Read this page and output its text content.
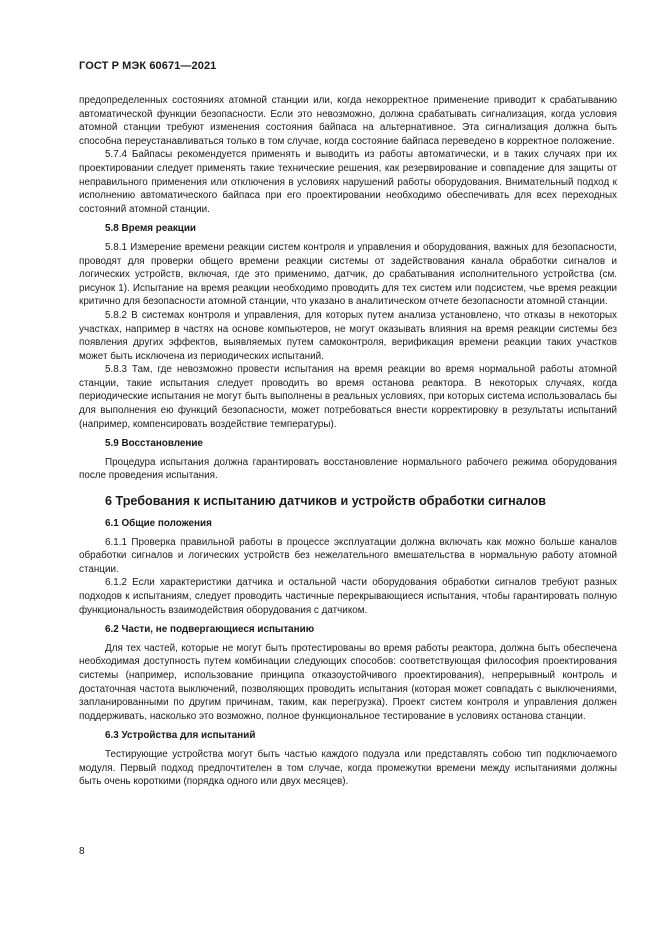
ГОСТ Р МЭК 60671—2021

предопределенных состояниях атомной станции или, когда некорректное применение приводит к срабатыванию автоматической функции безопасности. Если это невозможно, должна срабатывать сигнализация, когда условия атомной станции требуют изменения состояния байпаса на альтернативное. Эта сигнализация должна быть способна переустанавливаться только в том случае, когда состояние байпаса переведено в корректное положение.

5.7.4 Байпасы рекомендуется применять и выводить из работы автоматически, и в таких случаях при их проектировании следует применять такие технические решения, как резервирование и совпадение для защиты от неправильного применения или отключения в условиях нарушений работы оборудования. Внимательный подход к исполнению автоматического байпаса при его проектировании необходимо обеспечивать для всех переходных состояний атомной станции.

5.8 Время реакции

5.8.1 Измерение времени реакции систем контроля и управления и оборудования, важных для безопасности, проводят для проверки общего времени реакции системы от задействования канала обработки сигналов и логических устройств, включая, где это применимо, датчик, до срабатывания исполнительного устройства (см. рисунок 1). Испытание на время реакции необходимо проводить для тех систем или подсистем, чье время реакции критично для безопасности атомной станции, что указано в аналитическом отчете безопасности атомной станции.

5.8.2 В системах контроля и управления, для которых путем анализа установлено, что отказы в некоторых участках, например в частях на основе компьютеров, не могут оказывать влияния на время реакции системы без появления других эффектов, выявляемых путем самоконтроля, верификация времени реакции таких участков может быть исключена из периодических испытаний.

5.8.3 Там, где невозможно провести испытания на время реакции во время нормальной работы атомной станции, такие испытания следует проводить во время останова реактора. В некоторых случаях, когда периодические испытания не могут быть выполнены в реальных условиях, при которых система использовалась бы для выполнения ею функций безопасности, может потребоваться внести корректировку в результаты испытаний (например, компенсировать воздействие температуры).

5.9 Восстановление

Процедура испытания должна гарантировать восстановление нормального рабочего режима оборудования после проведения испытания.

6 Требования к испытанию датчиков и устройств обработки сигналов
6.1 Общие положения

6.1.1 Проверка правильной работы в процессе эксплуатации должна включать как можно больше каналов обработки сигналов и логических устройств без нежелательного вмешательства в нормальную работу атомной станции.

6.1.2 Если характеристики датчика и остальной части оборудования обработки сигналов требуют разных подходов к испытаниям, следует проводить частичные перекрывающиеся испытания, чтобы гарантировать полную функциональность взаимодействия оборудования с датчиком.

6.2 Части, не подвергающиеся испытанию

Для тех частей, которые не могут быть протестированы во время работы реактора, должна быть обеспечена необходимая доступность путем комбинации следующих способов: соответствующая философия проектирования системы (например, использование принципа отказоустойчивого проектирования), непрерывный контроль и достаточная частота выключений, позволяющих проводить испытания (которая может совпадать с выключениями, запланированными по другим причинам, таким, как перегрузка). Проект систем контроля и управления должен поддерживать, насколько это возможно, полное функциональное тестирование в условиях останова станции.

6.3 Устройства для испытаний

Тестирующие устройства могут быть частью каждого подузла или представлять собою тип подключаемого модуля. Первый подход предпочтителен в том случае, когда промежутки времени между испытаниями должны быть очень короткими (порядка одного или двух месяцев).

8
